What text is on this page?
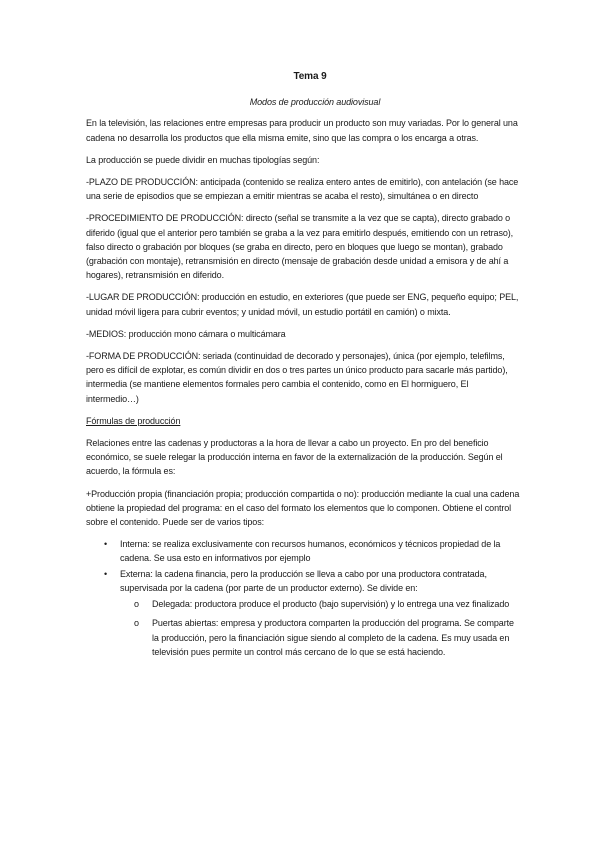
Tema 9
Modos de producción audiovisual

En la televisión, las relaciones entre empresas para producir un producto son muy variadas. Por lo general una cadena no desarrolla los productos que ella misma emite, sino que las compra o los encarga a otras.

La producción se puede dividir en muchas tipologías según:

-PLAZO DE PRODUCCIÓN: anticipada (contenido se realiza entero antes de emitirlo), con antelación (se hace una serie de episodios que se empiezan a emitir mientras se acaba el resto), simultánea o en directo

-PROCEDIMIENTO DE PRODUCCIÓN: directo (señal se transmite a la vez que se capta), directo grabado o diferido (igual que el anterior pero también se graba a la vez para emitirlo después, emitiendo con un retraso), falso directo o grabación por bloques (se graba en directo, pero en bloques que luego se montan), grabado (grabación con montaje), retransmisión en directo (mensaje de grabación desde unidad a emisora y de ahí a hogares), retransmisión en diferido.

-LUGAR DE PRODUCCIÓN: producción en estudio, en exteriores (que puede ser ENG, pequeño equipo; PEL, unidad móvil ligera para cubrir eventos; y unidad móvil, un estudio portátil en camión) o mixta.

-MEDIOS: producción mono cámara o multicámara

-FORMA DE PRODUCCIÓN: seriada (continuidad de decorado y personajes), única (por ejemplo, telefilms, pero es difícil de explotar, es común dividir en dos o tres partes un único producto para sacarle más partido), intermedia (se mantiene elementos formales pero cambia el contenido, como en El hormiguero, El intermedio…)

Fórmulas de producción

Relaciones entre las cadenas y productoras a la hora de llevar a cabo un proyecto. En pro del beneficio económico, se suele relegar la producción interna en favor de la externalización de la producción. Según el acuerdo, la fórmula es:

+Producción propia (financiación propia; producción compartida o no): producción mediante la cual una cadena obtiene la propiedad del programa: en el caso del formato los elementos que lo componen. Obtiene el control sobre el contenido. Puede ser de varios tipos:

• Interna: se realiza exclusivamente con recursos humanos, económicos y técnicos propiedad de la cadena. Se usa esto en informativos por ejemplo
• Externa: la cadena financia, pero la producción se lleva a cabo por una productora contratada, supervisada por la cadena (por parte de un productor externo). Se divide en:
o Delegada: productora produce el producto (bajo supervisión) y lo entrega una vez finalizado
o Puertas abiertas: empresa y productora comparten la producción del programa. Se comparte la producción, pero la financiación sigue siendo al completo de la cadena. Es muy usada en televisión pues permite un control más cercano de lo que se está haciendo.
